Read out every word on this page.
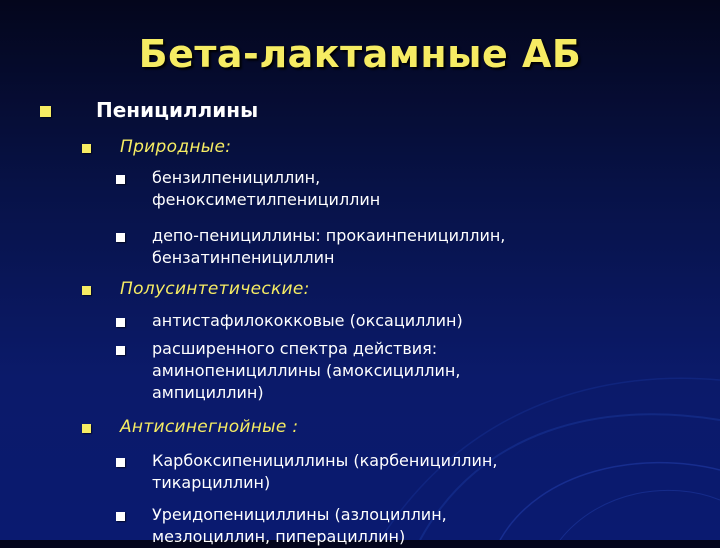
Бета-лактамные АБ
Пенициллины
Природные:
бензилпенициллин,
феноксиметилпенициллин
депо-пенициллины: прокаинпенициллин,
бензатинпенициллин
Полусинтетические:
антистафилококковые (оксациллин)
расширенного спектра действия:
аминопенициллины (амоксициллин,
ампициллин)
Антисинегнойные :
Карбоксипенициллины (карбенициллин,
тикарциллин)
Уреидопенициллины (азлоциллин,
мезлоциллин, пиперациллин)
